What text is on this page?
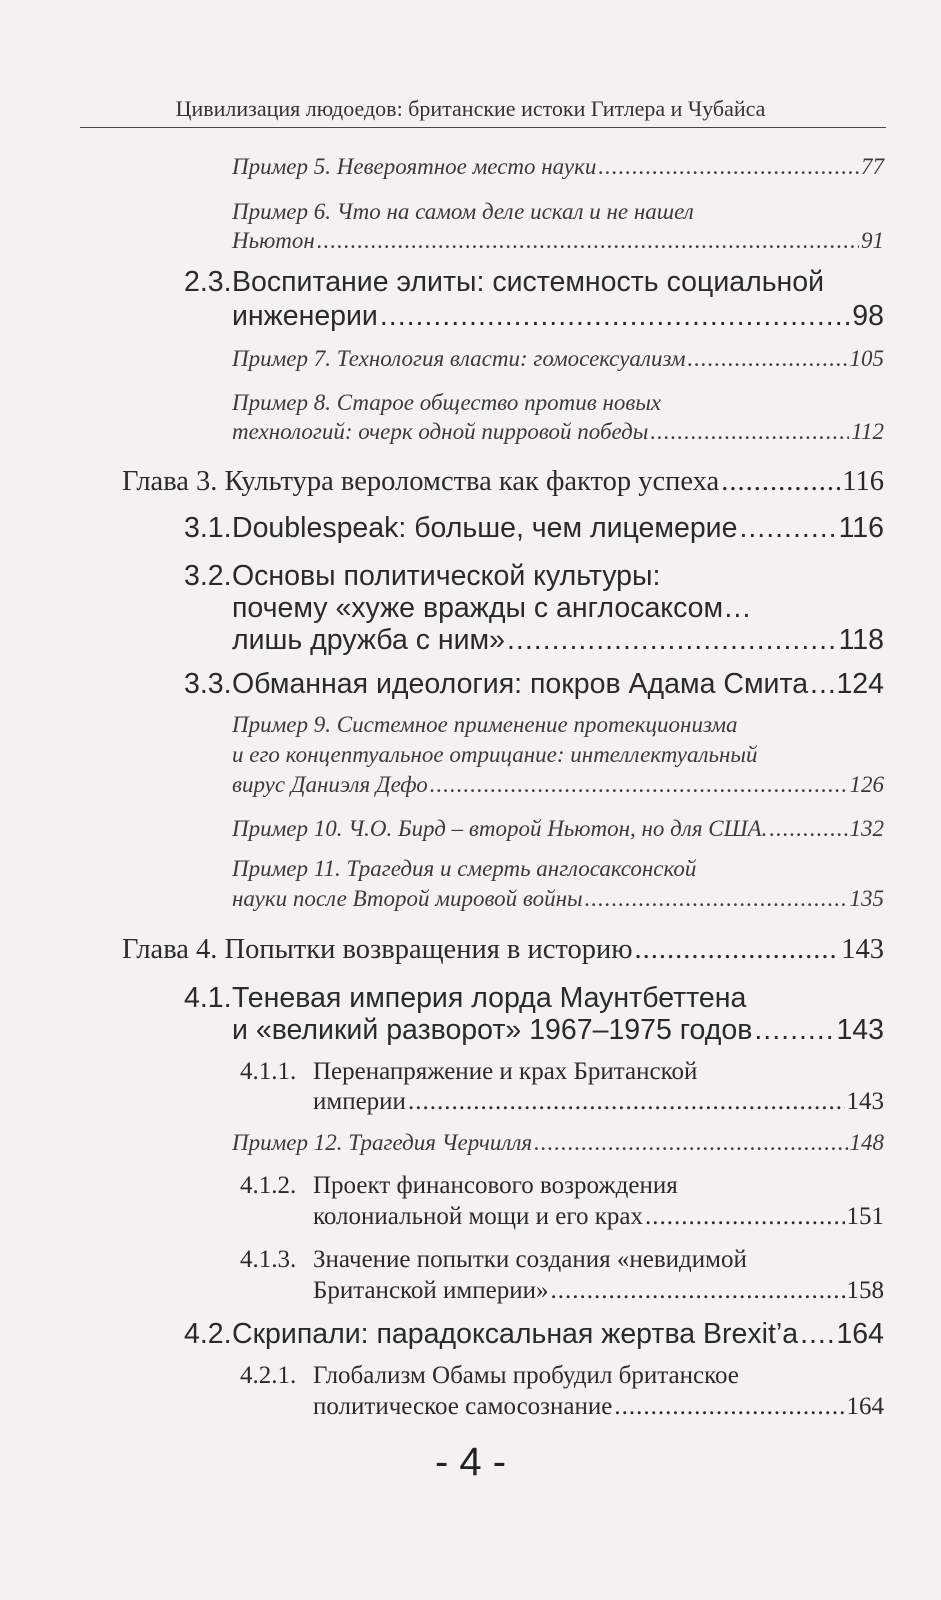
Цивилизация людоедов: британские истоки Гитлера и Чубайса
Пример 5. Невероятное место науки .....	77
Пример 6. Что на самом деле искал и не нашел
Ньютон .....	91
2.3. Воспитание элиты: системность социальной
инженерии .....	98
Пример 7. Технология власти: гомосексуализм .....	105
Пример 8. Старое общество против новых
технологий: очерк одной пирровой победы .....	112
Глава 3. Культура вероломства как фактор успеха .....	116
3.1. Doublespeak: больше, чем лицемерие .....	116
3.2. Основы политической культуры:
почему «хуже вражды с англосаксом…
лишь дружба с ним» .....	118
3.3. Обманная идеология: покров Адама Смита ..... 124
Пример 9. Системное применение протекционизма
и его концептуальное отрицание: интеллектуальный
вирус Даниэля Дефо .....	126
Пример 10. Ч.О. Бирд – второй Ньютон, но для США. .....	132
Пример 11. Трагедия и смерть англосаксонской
науки после Второй мировой войны .....	135
Глава 4. Попытки возвращения в историю .....	143
4.1. Теневая империя лорда Маунтбеттена
и «великий разворот» 1967–1975 годов .....	143
4.1.1. Перенапряжение и крах Британской
империи .....	143
Пример 12. Трагедия Черчилля .....	148
4.1.2. Проект финансового возрождения
колониальной мощи и его крах .....	151
4.1.3. Значение попытки создания «невидимой
Британской империи» .....	158
4.2. Скрипали: парадоксальная жертва Brexit’а ..... 164
4.2.1. Глобализм Обамы пробудил британское
политическое самосознание .....	164
- 4 -
